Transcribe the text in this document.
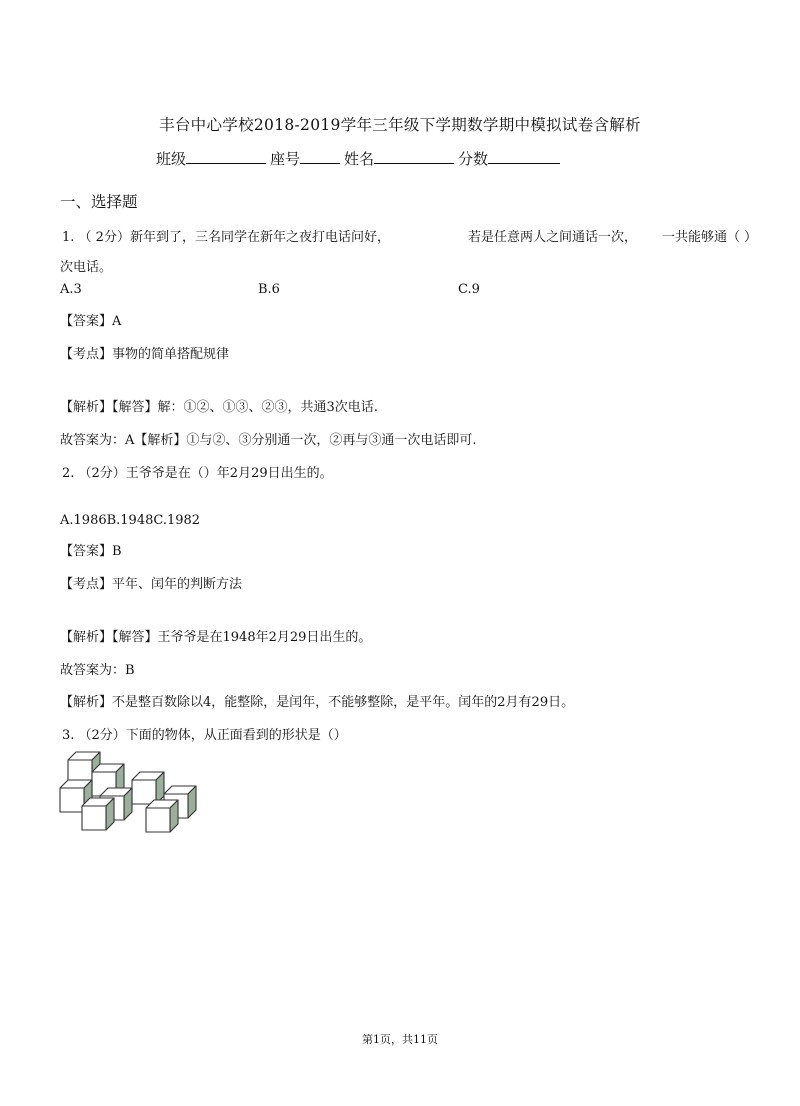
丰台中心学校2018-2019学年三年级下学期数学期中模拟试卷含解析
班级	座号	姓名	分数
一、选择题
1. （ 2分）新年到了，三名同学在新年之夜打电话问好，	若是任意两人之间通话一次， 一共能够通（ ）
次电话。
A.3	B.6	C.9
【答案】A
【考点】事物的简单搭配规律
【解析】【解答】解：①②、①③、②③，共通3次电话.
故答案为：A【解析】①与②、③分别通一次，②再与③通一次电话即可.
2. （2分）王爷爷是在（）年2月29日出生的。
A.1986B.1948C.1982
【答案】B
【考点】平年、闰年的判断方法
【解析】【解答】王爷爷是在1948年2月29日出生的。
故答案为：B
【解析】不是整百数除以4，能整除，是闰年，不能够整除，是平年。闰年的2月有29日。
3. （2分）下面的物体，从正面看到的形状是（）
第1页，共11页
